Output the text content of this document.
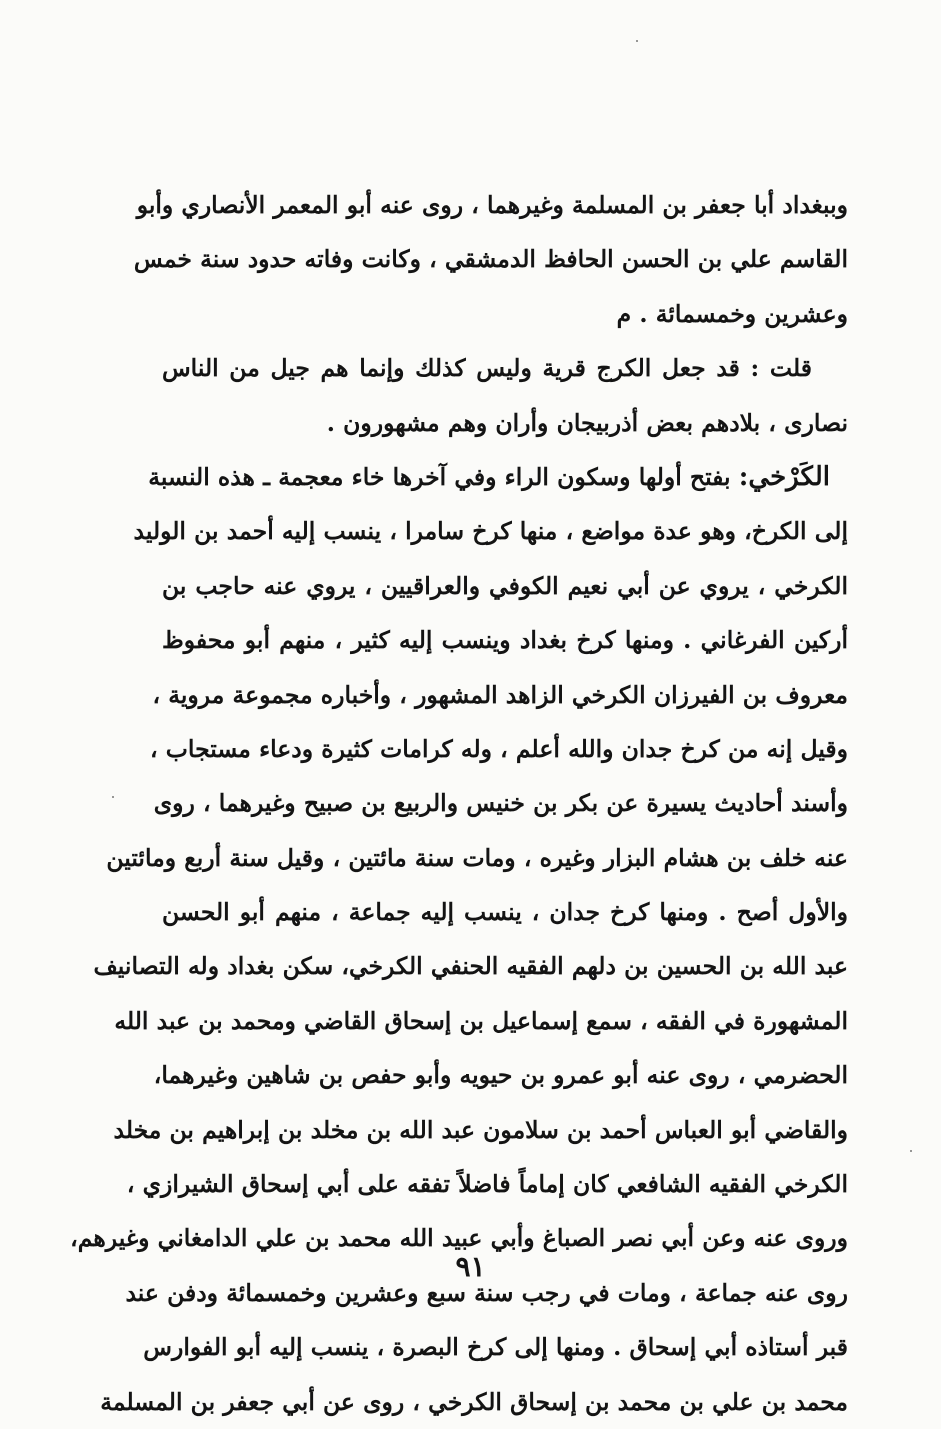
وببغداد أبا جعفر بن المسلمة وغيرهما ، روى عنه أبو المعمر الأنصاري وأبو
القاسم علي بن الحسن الحافظ الدمشقي ، وكانت وفاته حدود سنة خمس
وعشرين وخمسمائة . م
قلت : قد جعل الكرج قرية وليس كذلك وإنما هم جيل من الناس
نصارى ، بلادهم بعض أذربيجان وأران وهم مشهورون .
الكَرْخي: بفتح أولها وسكون الراء وفي آخرها خاء معجمة ـ هذه النسبة
إلى الكرخ، وهو عدة مواضع ، منها كرخ سامرا ، ينسب إليه أحمد بن الوليد
الكرخي ، يروي عن أبي نعيم الكوفي والعراقيين ، يروي عنه حاجب بن
أركين الفرغاني . ومنها كرخ بغداد وينسب إليه كثير ، منهم أبو محفوظ
معروف بن الفيرزان الكرخي الزاهد المشهور ، وأخباره مجموعة مروية ،
وقيل إنه من كرخ جدان والله أعلم ، وله كرامات كثيرة ودعاء مستجاب ،
وأسند أحاديث يسيرة عن بكر بن خنيس والربيع بن صبيح وغيرهما ، روى
عنه خلف بن هشام البزار وغيره ، ومات سنة مائتين ، وقيل سنة أربع ومائتين
والأول أصح . ومنها كرخ جدان ، ينسب إليه جماعة ، منهم أبو الحسن
عبد الله بن الحسين بن دلهم الفقيه الحنفي الكرخي، سكن بغداد وله التصانيف
المشهورة في الفقه ، سمع إسماعيل بن إسحاق القاضي ومحمد بن عبد الله
الحضرمي ، روى عنه أبو عمرو بن حيويه وأبو حفص بن شاهين وغيرهما،
والقاضي أبو العباس أحمد بن سلامون عبد الله بن مخلد بن إبراهيم بن مخلد
الكرخي الفقيه الشافعي كان إماماً فاضلاً تفقه على أبي إسحاق الشيرازي ،
وروى عنه وعن أبي نصر الصباغ وأبي عبيد الله محمد بن علي الدامغاني وغيرهم،
روى عنه جماعة ، ومات في رجب سنة سبع وعشرين وخمسمائة ودفن عند
قبر أستاذه أبي إسحاق . ومنها إلى كرخ البصرة ، ينسب إليه أبو الفوارس
محمد بن علي بن محمد بن إسحاق الكرخي ، روى عن أبي جعفر بن المسلمة
٩١
